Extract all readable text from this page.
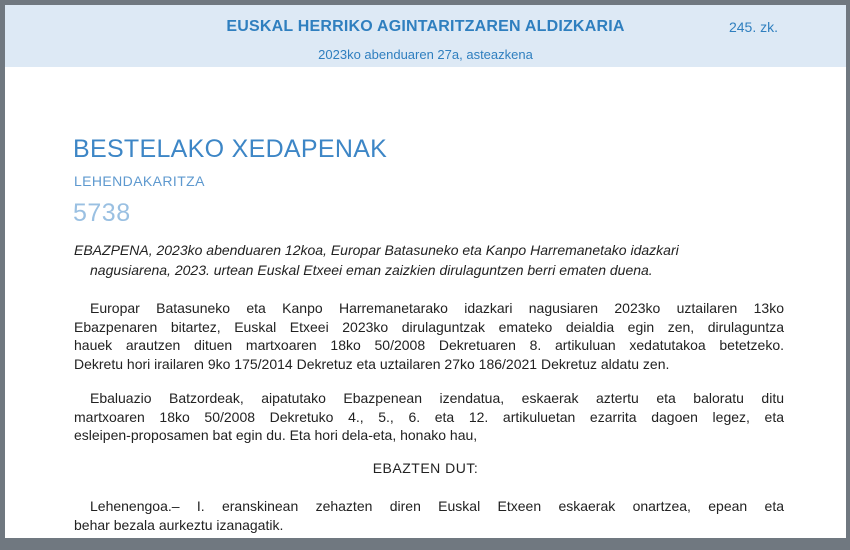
EUSKAL HERRIKO AGINTARITZAREN ALDIZKARIA	245. zk.
2023ko abenduaren 27a, asteazkena
BESTELAKO XEDAPENAK
LEHENDAKARITZA
5738
EBAZPENA, 2023ko abenduaren 12koa, Europar Batasuneko eta Kanpo Harremanetako idazkari
nagusiarena, 2023. urtean Euskal Etxeei eman zaizkien dirulaguntzen berri ematen duena.
Europar Batasuneko eta Kanpo Harremanetarako idazkari nagusiaren 2023ko uztailaren 13ko
Ebazpenaren bitartez, Euskal Etxeei 2023ko dirulaguntzak emateko deialdia egin zen, dirulaguntza
hauek arautzen dituen martxoaren 18ko 50/2008 Dekretuaren 8. artikuluan xedatutakoa betetzeko.
Dekretu hori irailaren 9ko 175/2014 Dekretuz eta uztailaren 27ko 186/2021 Dekretuz aldatu zen.
Ebaluazio Batzordeak, aipatutako Ebazpenean izendatua, eskaerak aztertu eta baloratu ditu
martxoaren 18ko 50/2008 Dekretuko 4., 5., 6. eta 12. artikuluetan ezarrita dagoen legez, eta
esleipen-proposamen bat egin du. Eta hori dela-eta, honako hau,
EBAZTEN DUT:
Lehenengoa.– I. eranskinean zehazten diren Euskal Etxeen eskaerak onartzea, epean eta
behar bezala aurkeztu izanagatik.
